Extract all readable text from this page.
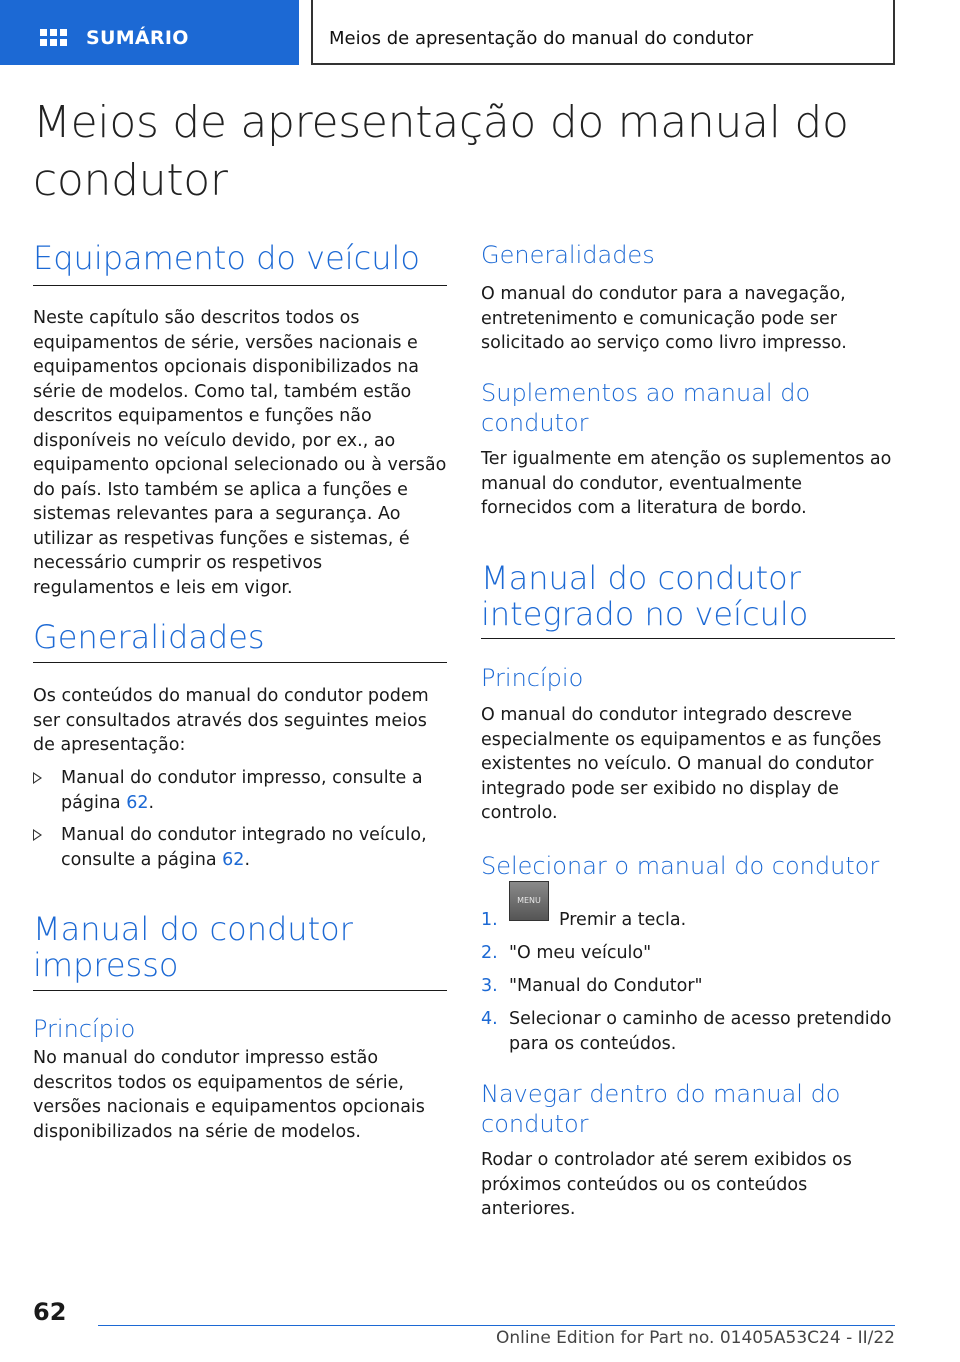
SUMÁRIO	Meios de apresentação do manual do condutor
Meios de apresentação do manual do condutor
Equipamento do veículo
Neste capítulo são descritos todos os equipamentos de série, versões nacionais e equipamentos opcionais disponibilizados na série de modelos. Como tal, também estão descritos equipamentos e funções não disponíveis no veículo devido, por ex., ao equipamento opcional selecionado ou à versão do país. Isto também se aplica a funções e sistemas relevantes para a segurança. Ao utilizar as respetivas funções e sistemas, é necessário cumprir os respetivos regulamentos e leis em vigor.
Generalidades
Os conteúdos do manual do condutor podem ser consultados através dos seguintes meios de apresentação:
Manual do condutor impresso, consulte a página 62.
Manual do condutor integrado no veículo, consulte a página 62.
Manual do condutor impresso
Princípio
No manual do condutor impresso estão descritos todos os equipamentos de série, versões nacionais e equipamentos opcionais disponibilizados na série de modelos.
Generalidades
O manual do condutor para a navegação, entretenimento e comunicação pode ser solicitado ao serviço como livro impresso.
Suplementos ao manual do condutor
Ter igualmente em atenção os suplementos ao manual do condutor, eventualmente fornecidos com a literatura de bordo.
Manual do condutor integrado no veículo
Princípio
O manual do condutor integrado descreve especialmente os equipamentos e as funções existentes no veículo. O manual do condutor integrado pode ser exibido no display de controlo.
Selecionar o manual do condutor
1.
MENU
Premir a tecla.
2. "O meu veículo"
3. "Manual do Condutor"
4. Selecionar o caminho de acesso pretendido para os conteúdos.
Navegar dentro do manual do condutor
Rodar o controlador até serem exibidos os próximos conteúdos ou os conteúdos anteriores.
62
Online Edition for Part no. 01405A53C24 - II/22
